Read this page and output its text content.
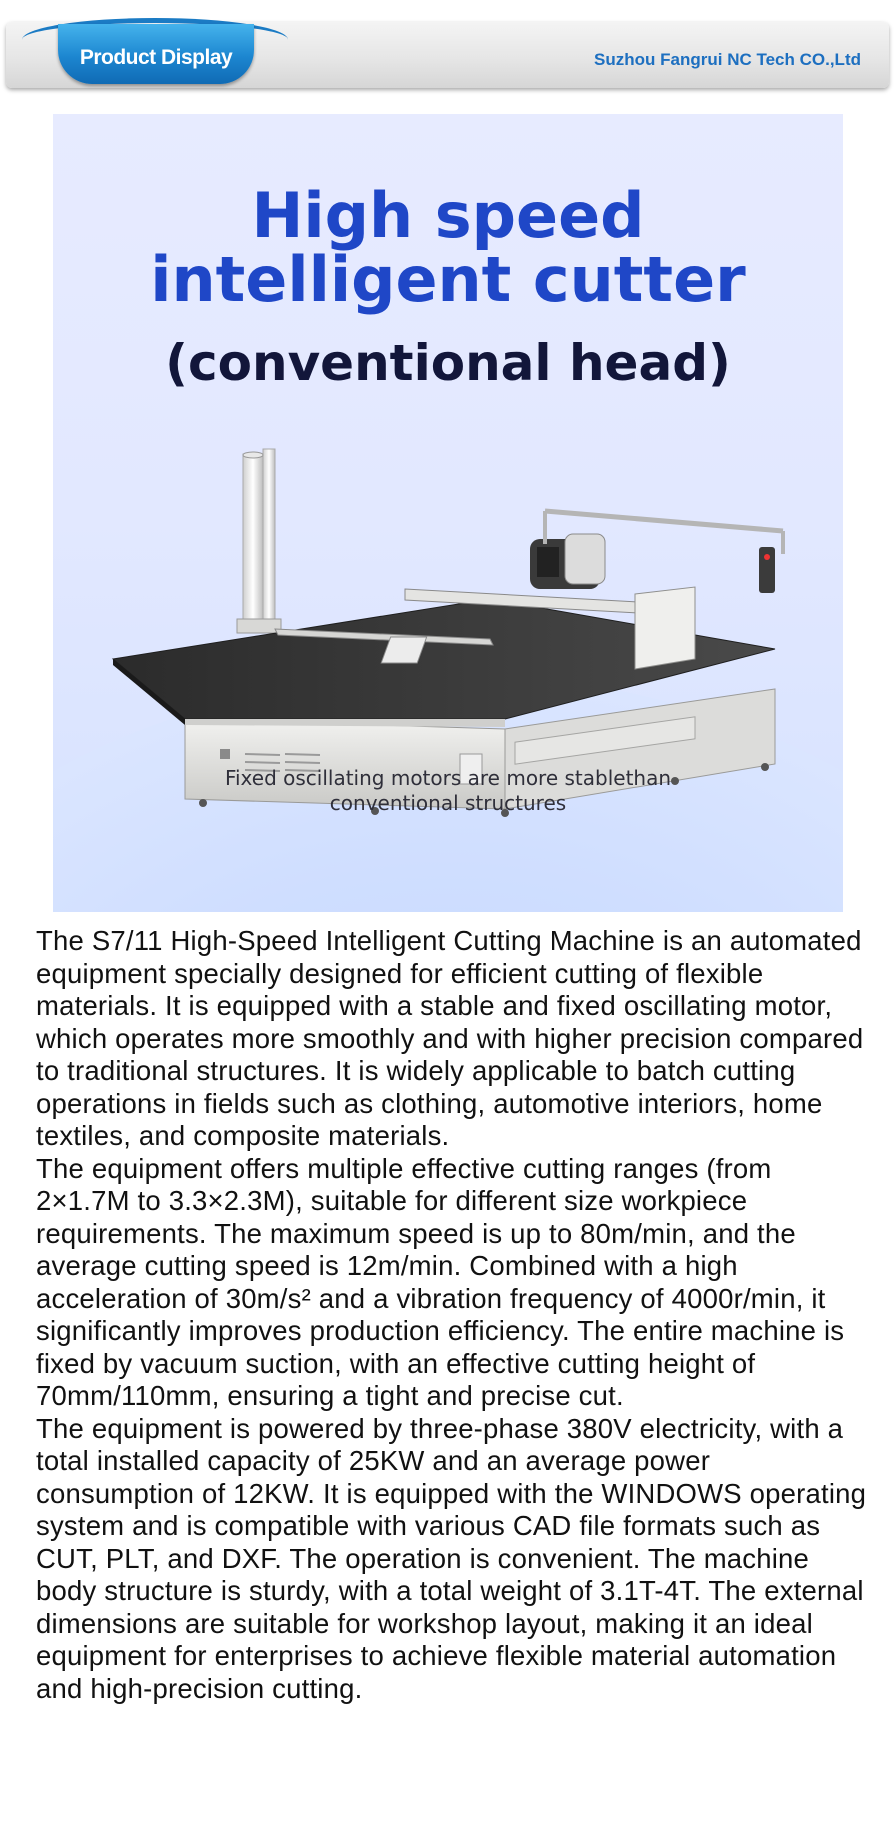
Product Display	Suzhou Fangrui NC Tech CO.,Ltd
High speed
intelligent cutter
(conventional head)
Fixed oscillating motors are more stablethan
conventional structures

The S7/11 High-Speed Intelligent Cutting Machine is an automated equipment specially designed for efficient cutting of flexible materials. It is equipped with a stable and fixed oscillating motor, which operates more smoothly and with higher precision compared to traditional structures. It is widely applicable to batch cutting operations in fields such as clothing, automotive interiors, home textiles, and composite materials.

The equipment offers multiple effective cutting ranges (from 2×1.7M to 3.3×2.3M), suitable for different size workpiece requirements. The maximum speed is up to 80m/min, and the average cutting speed is 12m/min. Combined with a high acceleration of 30m/s² and a vibration frequency of 4000r/min, it significantly improves production efficiency. The entire machine is fixed by vacuum suction, with an effective cutting height of 70mm/110mm, ensuring a tight and precise cut.

The equipment is powered by three-phase 380V electricity, with a total installed capacity of 25KW and an average power consumption of 12KW. It is equipped with the WINDOWS operating system and is compatible with various CAD file formats such as CUT, PLT, and DXF. The operation is convenient. The machine body structure is sturdy, with a total weight of 3.1T-4T. The external dimensions are suitable for workshop layout, making it an ideal equipment for enterprises to achieve flexible material automation and high-precision cutting.
